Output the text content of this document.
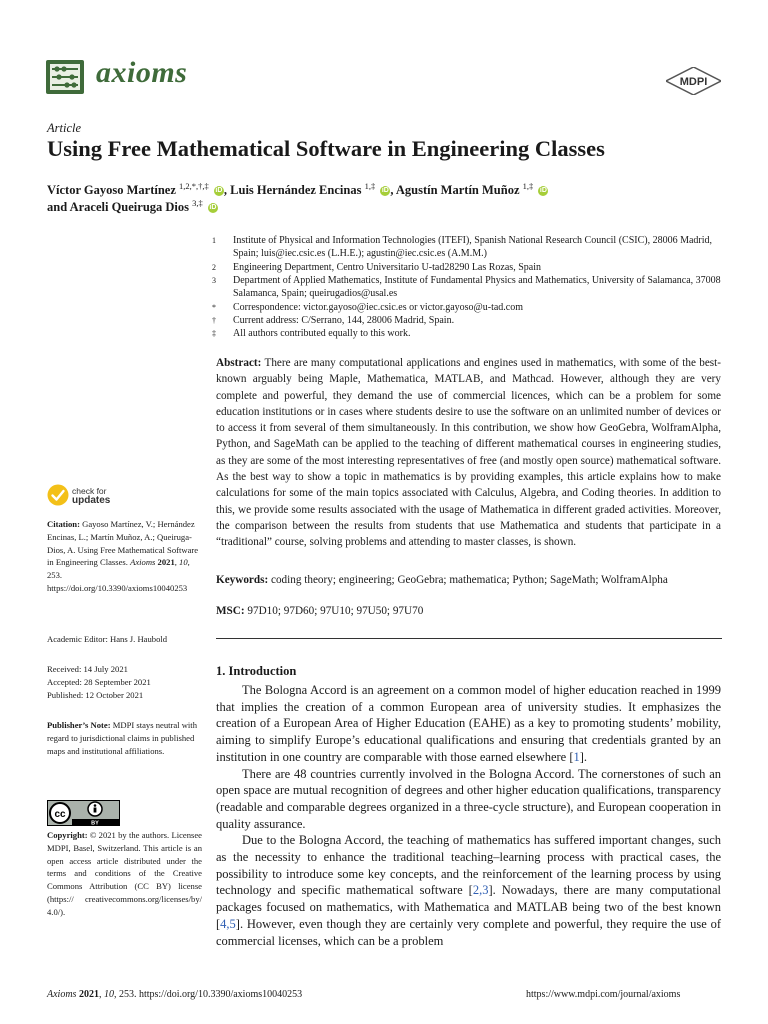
axioms	MDPI
Article
Using Free Mathematical Software in Engineering Classes
Víctor Gayoso Martínez $^{1,2,*,\dagger,\ddagger}$ iD , Luis Hernández Encinas $^{1,\ddagger}$ iD , Agustín Martín Muñoz $^{1,\ddagger}$ iD
and Araceli Queiruga Dios $^{3,\ddagger}$ iD
1	Institute of Physical and Information Technologies (ITEFI), Spanish National Research Council (CSIC), 28006 Madrid, Spain; luis@iec.csic.es (L.H.E.); agustin@iec.csic.es (A.M.M.)
2	Engineering Department, Centro Universitario U-tad28290 Las Rozas, Spain
3	Department of Applied Mathematics, Institute of Fundamental Physics and Mathematics, University of Salamanca, 37008 Salamanca, Spain; queirugadios@usal.es
*	Correspondence: victor.gayoso@iec.csic.es or victor.gayoso@u-tad.com
†	Current address: C/Serrano, 144, 28006 Madrid, Spain.
‡	All authors contributed equally to this work.
Abstract: There are many computational applications and engines used in mathematics, with some of the best-known arguably being Maple, Mathematica, MATLAB, and Mathcad. However, although they are very complete and powerful, they demand the use of commercial licences, which can be a problem for some education institutions or in cases where students desire to use the software on an unlimited number of devices or to access it from several of them simultaneously. In this contribution, we show how GeoGebra, WolframAlpha, Python, and SageMath can be applied to the teaching of different mathematical courses in engineering studies, as they are some of the most interesting representatives of free (and mostly open source) mathematical software. As the best way to show a topic in mathematics is by providing examples, this article explains how to make calculations for some of the main topics associated with Calculus, Algebra, and Coding theories. In addition to this, we provide some results associated with the usage of Mathematica in different graded activities. Moreover, the comparison between the results from students that use Mathematica and students that participate in a “traditional” course, solving problems and attending to master classes, is shown.
Keywords: coding theory; engineering; GeoGebra; mathematica; Python; SageMath; WolframAlpha
MSC: 97D10; 97D60; 97U10; 97U50; 97U70
check for
updates
Citation: Gayoso Martínez, V.; Hernández Encinas, L.; Martín Muñoz, A.; Queiruga-Dios, A. Using Free Mathematical Software in Engineering Classes. Axioms 2021, 10, 253. https://doi.org/10.3390/axioms10040253
Academic Editor: Hans J. Haubold
Received: 14 July 2021
Accepted: 28 September 2021
Published: 12 October 2021
Publisher’s Note: MDPI stays neutral with regard to jurisdictional claims in published maps and institutional affiliations.
cc
BY
Copyright: © 2021 by the authors. Licensee MDPI, Basel, Switzerland. This article is an open access article distributed under the terms and conditions of the Creative Commons Attribution (CC BY) license (https:// creativecommons.org/licenses/by/ 4.0/).
1. Introduction

The Bologna Accord is an agreement on a common model of higher education reached in 1999 that implies the creation of a common European area of university studies. It emphasizes the creation of a European Area of Higher Education (EAHE) as a key to promoting students’ mobility, aiming to simplify Europe’s educational qualifications and ensuring that credentials granted by an institution in one country are comparable with those earned elsewhere [1].

There are 48 countries currently involved in the Bologna Accord. The cornerstones of such an open space are mutual recognition of degrees and other higher education qualifications, transparency (readable and comparable degrees organized in a three-cycle structure), and European cooperation in quality assurance.

Due to the Bologna Accord, the teaching of mathematics has suffered important changes, such as the necessity to enhance the traditional teaching–learning process with practical cases, the possibility to introduce some key concepts, and the reinforcement of the learning process by using technology and specific mathematical software [2,3]. Nowadays, there are many computational packages focused on mathematics, with Mathematica and MATLAB being two of the best known [4,5]. However, even though they are certainly very complete and powerful, they require the use of commercial licenses, which can be a problem

Axioms 2021, 10, 253. https://doi.org/10.3390/axioms10040253	https://www.mdpi.com/journal/axioms
